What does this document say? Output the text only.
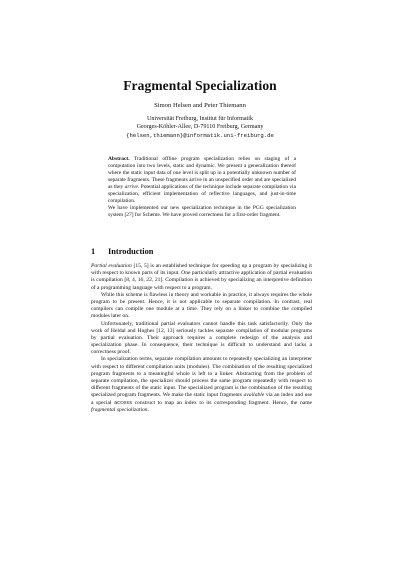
Fragmental Specialization
Simon Helsen and Peter Thiemann
Universität Freiburg, Institut für Informatik
Georges-Köhler-Allee, D-79110 Freiburg, Germany
{helsen,thiemann}@informatik.uni-freiburg.de

Abstract. Traditional offline program specialization relies on staging of a computation into two levels, static and dynamic. We present a generalization thereof where the static input data of one level is split up in a potentially unknown number of separate fragments. These fragments arrive in an unspecified order and are specialized as they arrive. Potential applications of the technique include separate compilation via specialization, efficient implementation of reflective languages, and just-in-time compilation.

We have implemented our new specialization technique in the PGG specialization system [27] for Scheme. We have proved correctness for a first-order fragment.

1 Introduction

Partial evaluation [15, 5] is an established technique for speeding up a program by specializing it with respect to known parts of its input. One particularly attractive application of partial evaluation is compilation [8, 4, 16, 22, 21]. Compilation is achieved by specializing an interpretive definition of a programming language with respect to a program.

While this scheme is flawless in theory and workable in practice, it always requires the whole program to be present. Hence, it is not applicable to separate compilation. In contrast, real compilers can compile one module at a time. They rely on a linker to combine the compiled modules later on.

Unfortunately, traditional partial evaluators cannot handle this task satisfactorily. Only the work of Heldal and Hughes [12, 13] seriously tackles separate compilation of modular programs by partial evaluation. Their approach requires a complete redesign of the analysis and specialization phase. In consequence, their technique is difficult to understand and lacks a correctness proof.

In specialization terms, separate compilation amounts to repeatedly specializing an interpreter with respect to different compilation units (modules). The combination of the resulting specialized program fragments to a meaningful whole is left to a linker. Abstracting from the problem of separate compilation, the specializer should process the same program repeatedly with respect to different fragments of the static input. The specialized program is the combination of the resulting specialized program fragments. We make the static input fragments available via an index and use a special access construct to map an index to its corresponding fragment. Hence, the name fragmental specialization.
